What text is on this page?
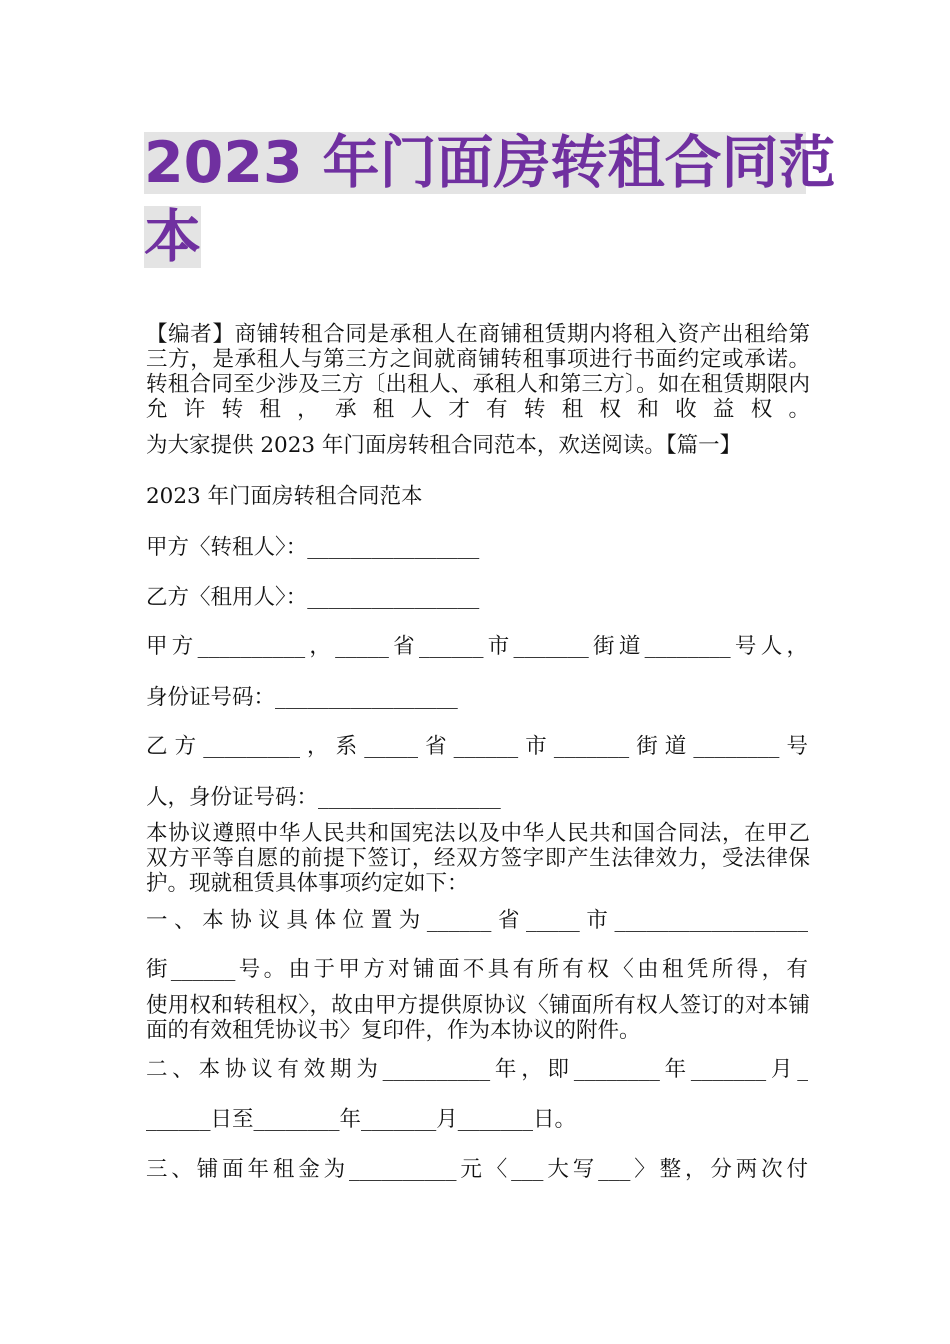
2023 年门面房转租合同范
本
【编者】商铺转租合同是承租人在商铺租赁期内将租入资产出租给第三方，是承租人与第三方之间就商铺转租事项进行书面约定或承诺。转租合同至少涉及三方〔出租人、承租人和第三方〕。如在租赁期限内允许转租，承租人才有转租权和收益权。
为大家提供 2023 年门面房转租合同范本，欢送阅读。【篇一】
2023 年门面房转租合同范本
甲方〈转租人〉：________________
乙方〈租用人〉：________________
甲方__________，_____省______市_______街道________号人，
身份证号码：_________________
乙方_________，系_____省______市_______街道________号
人，身份证号码：_________________
本协议遵照中华人民共和国宪法以及中华人民共和国合同法，在甲乙双方平等自愿的前提下签订，经双方签字即产生法律效力，受法律保护。现就租赁具体事项约定如下：
一、本协议具体位置为______省_____市__________________
街______号。由于甲方对铺面不具有所有权〈由租凭所得，有
使用权和转租权〉，故由甲方提供原协议〈铺面所有权人签订的对本铺面的有效租凭协议书〉复印件，作为本协议的附件。
二、本协议有效期为__________年，即________年_______月_
______日至________年_______月_______日。
三、铺面年租金为__________元〈___大写___〉整，分两次付
